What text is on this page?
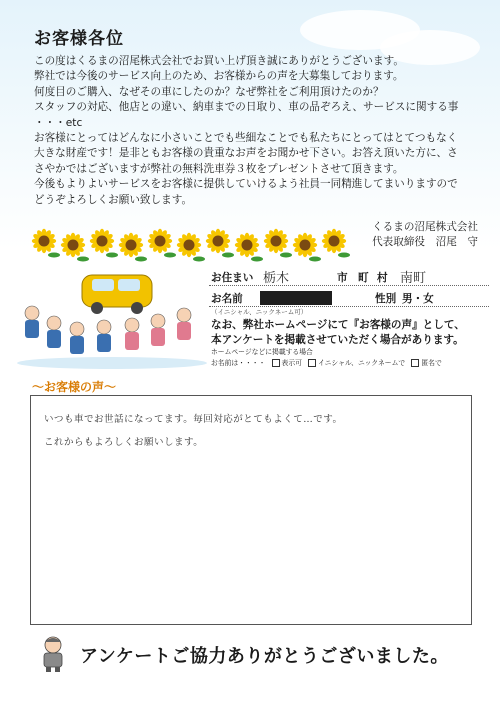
お客様各位
この度はくるまの沼尾株式会社でお買い上げ頂き誠にありがとうございます。
弊社では今後のサービス向上のため、お客様からの声を大募集しております。
何度目のご購入、なぜその車にしたのか？なぜ弊社をご利用頂けたのか？
スタッフの対応、他店との違い、納車までの日取り、車の品ぞろえ、サービスに関する事
・・・etc
お客様にとってはどんなに小さいことでも些細なことでも私たちにとってはとてつもなく
大きな財産です！是非ともお客様の貴重なお声をお聞かせ下さい。お答え頂いた方に、さ
さやかではございますが弊社の無料洗車券３枚をプレゼントさせて頂きます。
今後もよりよいサービスをお客様に提供していけるよう社員一同精進してまいりますので
どうぞよろしくお願い致します。
くるまの沼尾株式会社
代表取締役　沼尾　守
お住まい 栃木	市 町 村 南町
お名前	性別 男・女
（イニシャル、ニックネーム可）
なお、弊社ホームページにて『お客様の声』として、
本アンケートを掲載させていただく場合があります。
ホームページなどに掲載する場合
お名前は・・・・ 表示可 イニシャル、ニックネームで 匿名で
〜お客様の声〜
いつも車でお世話になってます。毎回対応がとてもよくて…です。
これからもよろしくお願いします。
アンケートご協力ありがとうございました。
